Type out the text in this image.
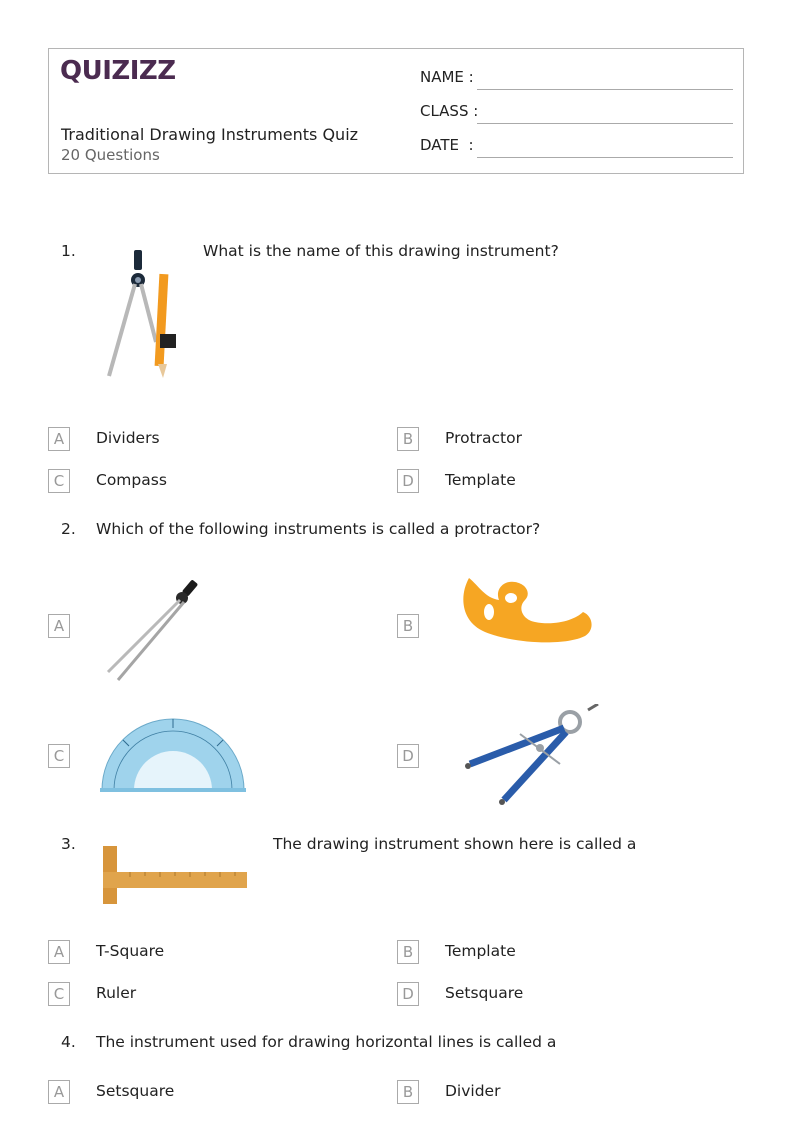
QUIZIZZ
Traditional Drawing Instruments Quiz
20 Questions
NAME :
CLASS :
DATE  :
1.	What is the name of this drawing instrument?
A	Dividers	B	Protractor
C	Compass	D	Template
2. Which of the following instruments is called a protractor?
A	B
C	D
3.	The drawing instrument shown here is called a
A	T-Square	B	Template
C	Ruler	D	Setsquare
4. The instrument used for drawing horizontal lines is called a
A	Setsquare	B	Divider
